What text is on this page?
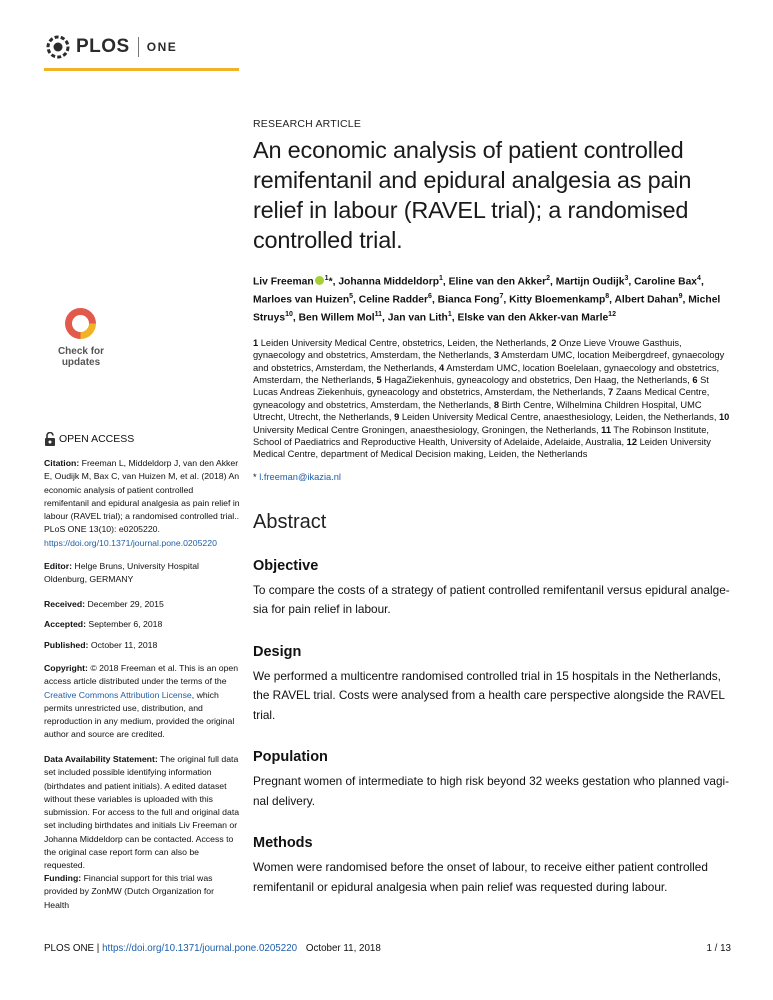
PLOS ONE
Check for
updates
OPEN ACCESS
Citation: Freeman L, Middeldorp J, van den Akker E, Oudijk M, Bax C, van Huizen M, et al. (2018) An economic analysis of patient controlled remifentanil and epidural analgesia as pain relief in labour (RAVEL trial); a randomised controlled trial.. PLoS ONE 13(10): e0205220. https://doi.org/10.1371/journal.pone.0205220
Editor: Helge Bruns, University Hospital Oldenburg, GERMANY
Received: December 29, 2015
Accepted: September 6, 2018
Published: October 11, 2018
Copyright: © 2018 Freeman et al. This is an open access article distributed under the terms of the Creative Commons Attribution License, which permits unrestricted use, distribution, and reproduction in any medium, provided the original author and source are credited.
Data Availability Statement: The original full data set included possible identifying information (birthdates and patient initials). A edited dataset without these variables is uploaded with this submission. For access to the full and original data set including birthdates and initials Liv Freeman or Johanna Middeldorp can be contacted. Access to the original case report form can also be requested.
Funding: Financial support for this trial was provided by ZonMW (Dutch Organization for Health
RESEARCH ARTICLE
An economic analysis of patient controlled remifentanil and epidural analgesia as pain relief in labour (RAVEL trial); a randomised controlled trial.
Liv Freeman $^1$*, Johanna Middeldorp$^1$, Eline van den Akker$^2$, Martijn Oudijk$^3$, Caroline Bax$^4$, Marloes van Huizen$^5$, Celine Radder$^6$, Bianca Fong$^7$, Kitty Bloemenkamp$^8$, Albert Dahan$^9$, Michel Struys$^{10}$, Ben Willem Mol$^{11}$, Jan van Lith$^1$, Elske van den Akker-van Marle$^{12}$
1 Leiden University Medical Centre, obstetrics, Leiden, the Netherlands, 2 Onze Lieve Vrouwe Gasthuis, gynaecology and obstetrics, Amsterdam, the Netherlands, 3 Amsterdam UMC, location Meibergdreef, gynaecology and obstetrics, Amsterdam, the Netherlands, 4 Amsterdam UMC, location Boelelaan, gynaecology and obstetrics, Amsterdam, the Netherlands, 5 HagaZiekenhuis, gyneacology and obstetrics, Den Haag, the Netherlands, 6 St Lucas Andreas Ziekenhuis, gyneacology and obstetrics, Amsterdam, the Netherlands, 7 Zaans Medical Centre, gyneacology and obstetrics, Amsterdam, the Netherlands, 8 Birth Centre, Wilhelmina Children Hospital, UMC Utrecht, Utrecht, the Netherlands, 9 Leiden University Medical Centre, anaesthesiology, Leiden, the Netherlands, 10 University Medical Centre Groningen, anaesthesiology, Groningen, the Netherlands, 11 The Robinson Institute, School of Paediatrics and Reproductive Health, University of Adelaide, Adelaide, Australia, 12 Leiden University Medical Centre, department of Medical Decision making, Leiden, the Netherlands
* l.freeman@ikazia.nl
Abstract
Objective

To compare the costs of a strategy of patient controlled remifentanil versus epidural analge-sia for pain relief in labour.

Design

We performed a multicentre randomised controlled trial in 15 hospitals in the Netherlands, the RAVEL trial. Costs were analysed from a health care perspective alongside the RAVEL trial.

Population

Pregnant women of intermediate to high risk beyond 32 weeks gestation who planned vagi-nal delivery.

Methods

Women were randomised before the onset of labour, to receive either patient controlled remifentanil or epidural analgesia when pain relief was requested during labour.

PLOS ONE | https://doi.org/10.1371/journal.pone.0205220 October 11, 2018	1 / 13
